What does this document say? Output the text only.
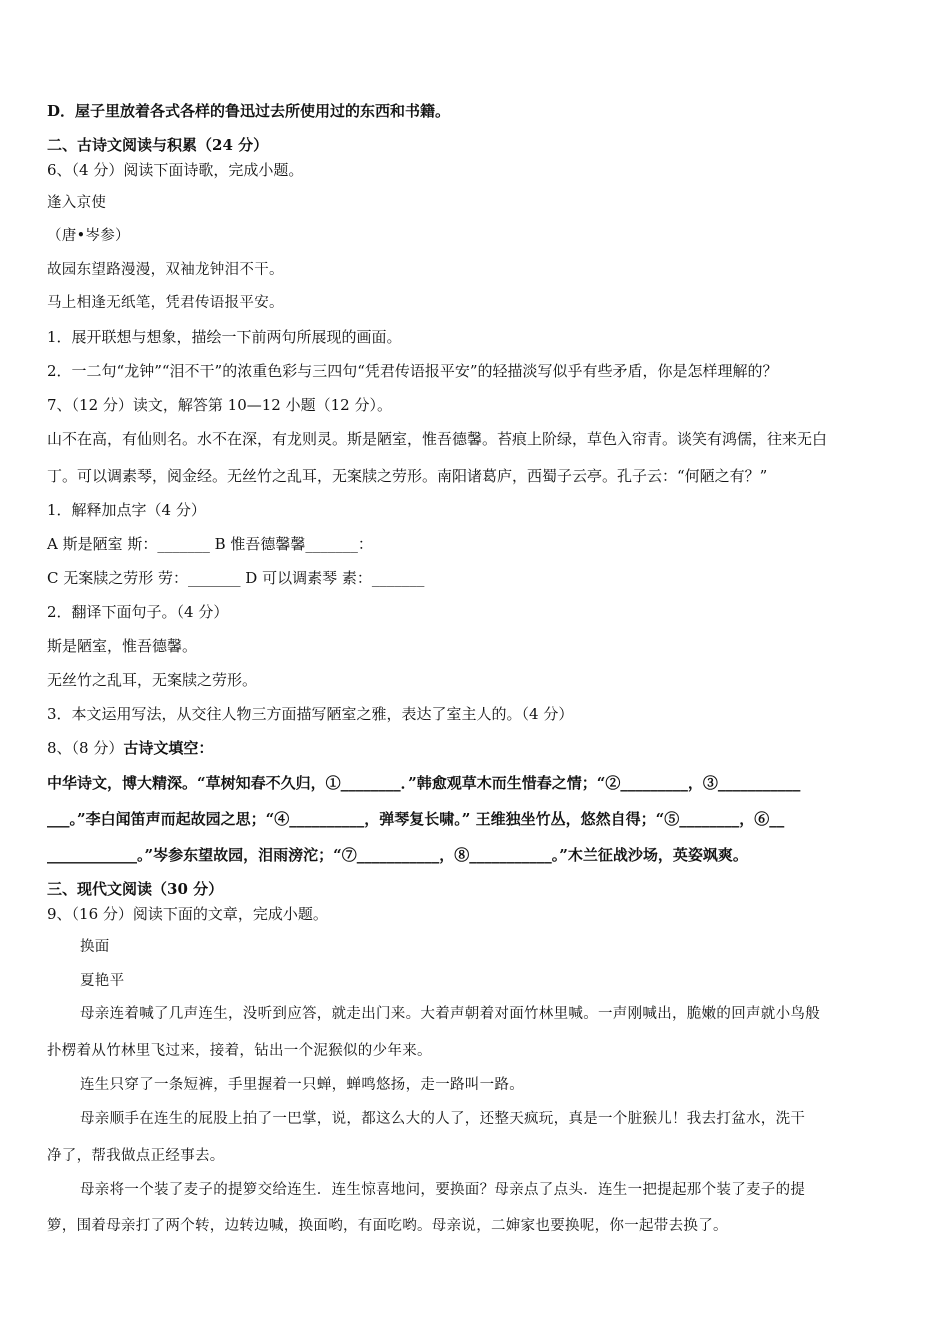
D．屋子里放着各式各样的鲁迅过去所使用过的东西和书籍。
二、古诗文阅读与积累（24 分）
6、（4 分）阅读下面诗歌，完成小题。
逢入京使
（唐•岑参）
故园东望路漫漫，双袖龙钟泪不干。
马上相逢无纸笔，凭君传语报平安。
1．展开联想与想象，描绘一下前两句所展现的画面。
2．一二句“龙钟”“泪不干”的浓重色彩与三四句“凭君传语报平安”的轻描淡写似乎有些矛盾，你是怎样理解的？
7、（12 分）读文，解答第 10—12 小题（12 分）。
山不在高，有仙则名。水不在深，有龙则灵。斯是陋室，惟吾德馨。苔痕上阶绿，草色入帘青。谈笑有鸿儒，往来无白
丁。可以调素琴，阅金经。无丝竹之乱耳，无案牍之劳形。南阳诸葛庐，西蜀子云亭。孔子云：“何陋之有？”
1．解释加点字（4 分）
A 斯是陋室 斯：_______ B 惟吾德馨馨_______：
C 无案牍之劳形 劳：_______ D 可以调素琴 素：_______
2．翻译下面句子。（4 分）
斯是陋室，惟吾德馨。
无丝竹之乱耳，无案牍之劳形。
3．本文运用写法，从交往人物三方面描写陋室之雅，表达了室主人的。（4 分）
8、（8 分）古诗文填空：
中华诗文，博大精深。“草树知春不久归，①________．”韩愈观草木而生惜春之情；“②_________，③___________
___。”李白闻笛声而起故园之思；“④__________，弹琴复长啸。” 王维独坐竹丛，悠然自得；“⑤________，⑥__
____________。”岑参东望故园，泪雨滂沱；“⑦___________，⑧___________。”木兰征战沙场，英姿飒爽。
三、现代文阅读（30 分）
9、（16 分）阅读下面的文章，完成小题。
换面
夏艳平
母亲连着喊了几声连生，没听到应答，就走出门来。大着声朝着对面竹林里喊。一声刚喊出，脆嫩的回声就小鸟般
扑楞着从竹林里飞过来，接着，钻出一个泥猴似的少年来。
连生只穿了一条短裤，手里握着一只蝉，蝉鸣悠扬，走一路叫一路。
母亲顺手在连生的屁股上拍了一巴掌，说，都这么大的人了，还整天疯玩，真是一个脏猴儿！我去打盆水，洗干
净了，帮我做点正经事去。
母亲将一个装了麦子的提箩交给连生．连生惊喜地问，要换面？母亲点了点头．连生一把提起那个装了麦子的提
箩，围着母亲打了两个转，边转边喊，换面哟，有面吃哟。母亲说，二婶家也要换呢，你一起带去换了。
